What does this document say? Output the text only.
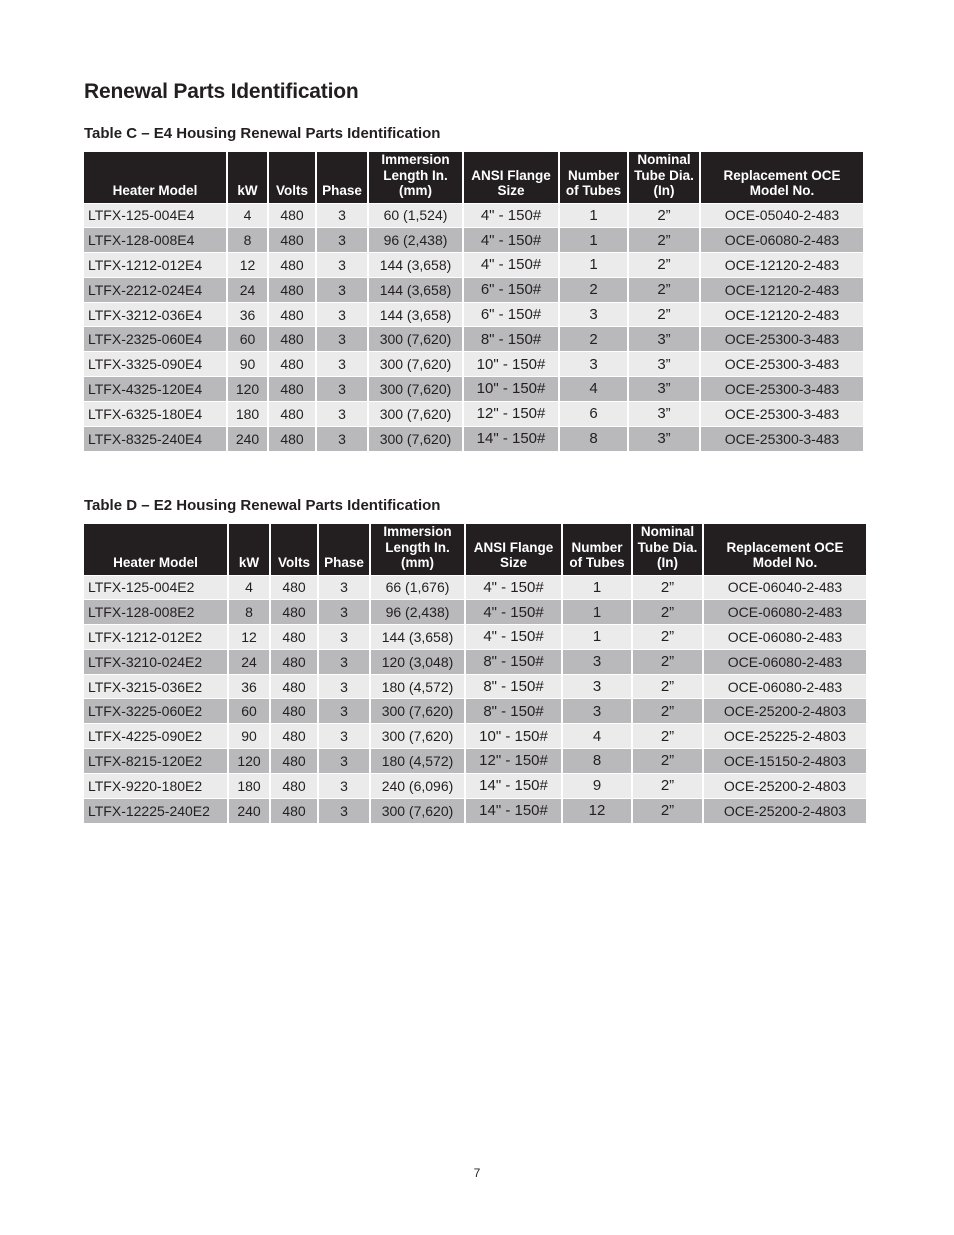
Renewal Parts Identification
Table C – E4 Housing Renewal Parts Identification
Heater Model	kW	Volts	Phase	Immersion Length In. (mm)	ANSI Flange Size	Number of Tubes	Nominal Tube Dia. (In)	Replacement OCE Model No.
LTFX-125-004E4	4	480	3	60 (1,524)	4" - 150#	1	2”	OCE-05040-2-483
LTFX-128-008E4	8	480	3	96 (2,438)	4" - 150#	1	2”	OCE-06080-2-483
LTFX-1212-012E4	12	480	3	144 (3,658)	4" - 150#	1	2”	OCE-12120-2-483
LTFX-2212-024E4	24	480	3	144 (3,658)	6" - 150#	2	2”	OCE-12120-2-483
LTFX-3212-036E4	36	480	3	144 (3,658)	6" - 150#	3	2”	OCE-12120-2-483
LTFX-2325-060E4	60	480	3	300 (7,620)	8" - 150#	2	3”	OCE-25300-3-483
LTFX-3325-090E4	90	480	3	300 (7,620)	10" - 150#	3	3”	OCE-25300-3-483
LTFX-4325-120E4	120	480	3	300 (7,620)	10" - 150#	4	3”	OCE-25300-3-483
LTFX-6325-180E4	180	480	3	300 (7,620)	12" - 150#	6	3”	OCE-25300-3-483
LTFX-8325-240E4	240	480	3	300 (7,620)	14" - 150#	8	3”	OCE-25300-3-483
Table D – E2 Housing Renewal Parts Identification
Heater Model	kW	Volts	Phase	Immersion Length In. (mm)	ANSI Flange Size	Number of Tubes	Nominal Tube Dia. (In)	Replacement OCE Model No.
LTFX-125-004E2	4	480	3	66 (1,676)	4" - 150#	1	2”	OCE-06040-2-483
LTFX-128-008E2	8	480	3	96 (2,438)	4" - 150#	1	2”	OCE-06080-2-483
LTFX-1212-012E2	12	480	3	144 (3,658)	4" - 150#	1	2”	OCE-06080-2-483
LTFX-3210-024E2	24	480	3	120 (3,048)	8" - 150#	3	2”	OCE-06080-2-483
LTFX-3215-036E2	36	480	3	180 (4,572)	8" - 150#	3	2”	OCE-06080-2-483
LTFX-3225-060E2	60	480	3	300 (7,620)	8" - 150#	3	2”	OCE-25200-2-4803
LTFX-4225-090E2	90	480	3	300 (7,620)	10" - 150#	4	2”	OCE-25225-2-4803
LTFX-8215-120E2	120	480	3	180 (4,572)	12" - 150#	8	2”	OCE-15150-2-4803
LTFX-9220-180E2	180	480	3	240 (6,096)	14" - 150#	9	2”	OCE-25200-2-4803
LTFX-12225-240E2	240	480	3	300 (7,620)	14" - 150#	12	2”	OCE-25200-2-4803
7
